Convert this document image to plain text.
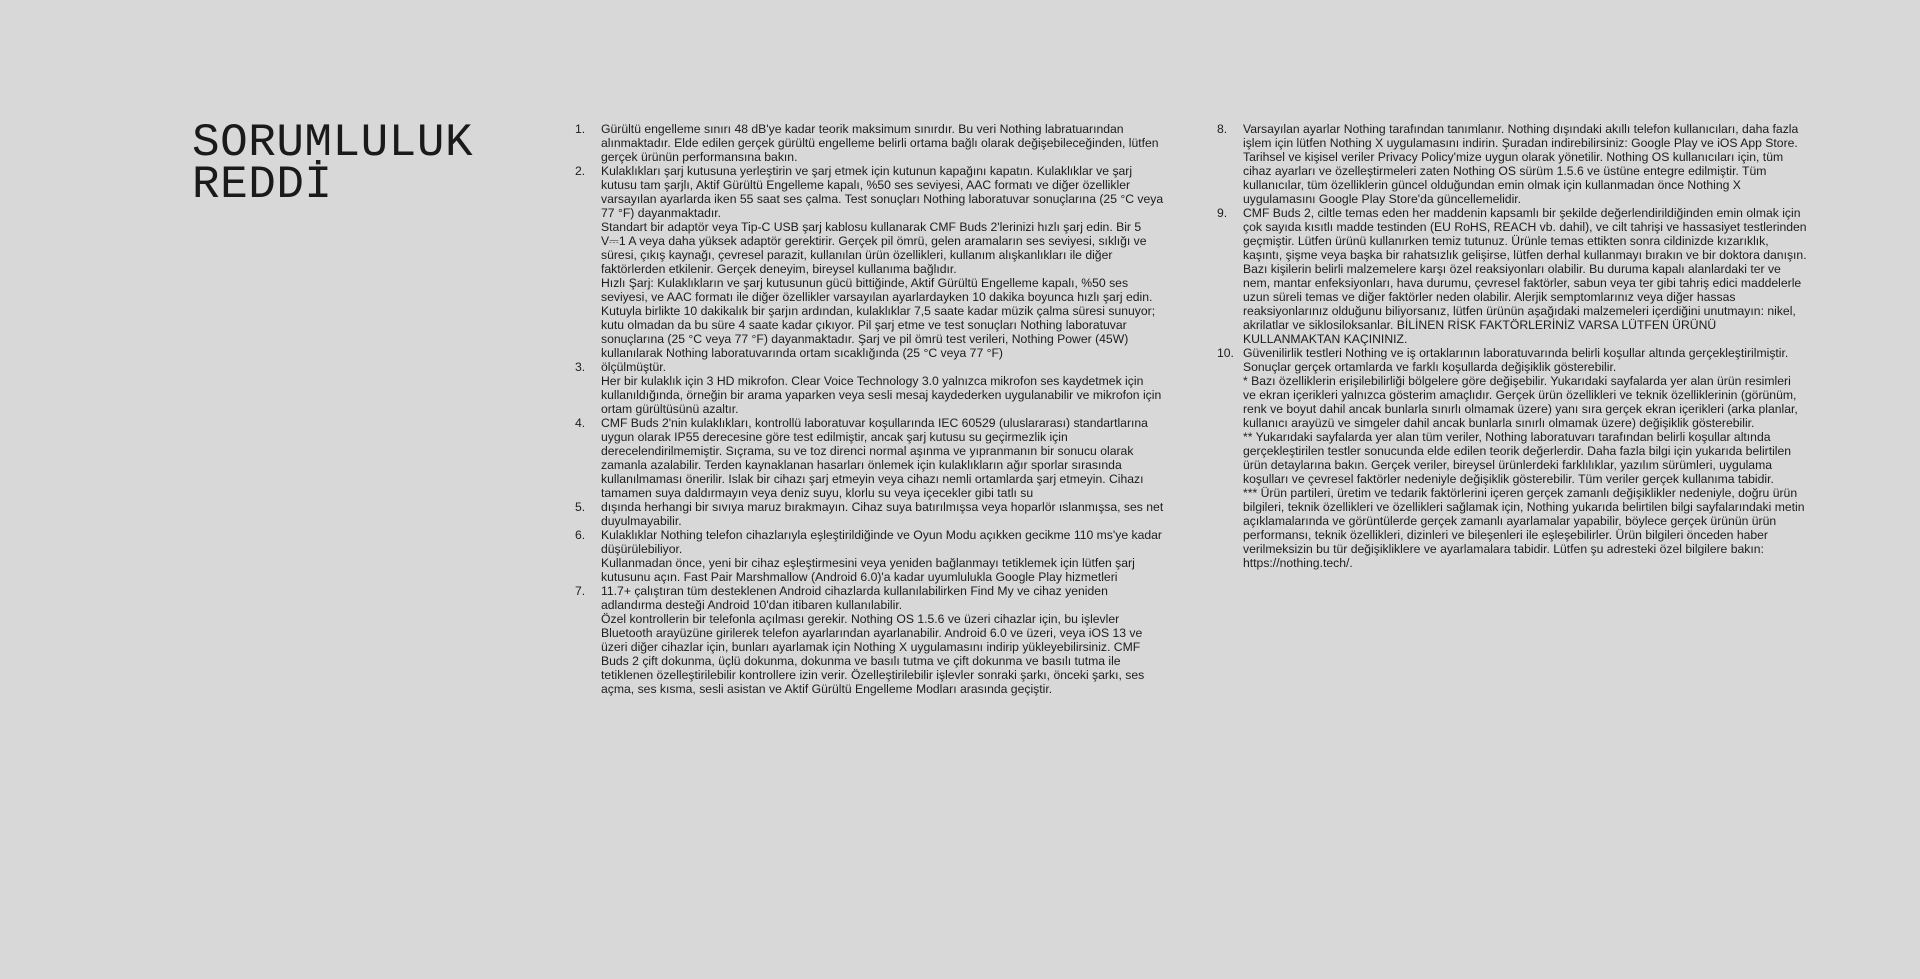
SORUMLULUK
REDDİ
1. Gürültü engelleme sınırı 48 dB'ye kadar teorik maksimum sınırdır. Bu veri Nothing labratuarından alınmaktadır. Elde edilen gerçek gürültü engelleme belirli ortama bağlı olarak değişebileceğinden, lütfen gerçek ürünün performansına bakın.

2. Kulaklıkları şarj kutusuna yerleştirin ve şarj etmek için kutunun kapağını kapatın. Kulaklıklar ve şarj kutusu tam şarjlı, Aktif Gürültü Engelleme kapalı, %50 ses seviyesi, AAC formatı ve diğer özellikler varsayılan ayarlarda iken 55 saat ses çalma. Test sonuçları Nothing laboratuvar sonuçlarına (25 °C veya 77 °F) dayanmaktadır.

Standart bir adaptör veya Tip-C USB şarj kablosu kullanarak CMF Buds 2'lerinizi hızlı şarj edin. Bir 5 V⎓1 A veya daha yüksek adaptör gerektirir. Gerçek pil ömrü, gelen aramaların ses seviyesi, sıklığı ve süresi, çıkış kaynağı, çevresel parazit, kullanılan ürün özellikleri, kullanım alışkanlıkları ile diğer faktörlerden etkilenir. Gerçek deneyim, bireysel kullanıma bağlıdır.

Hızlı Şarj: Kulaklıkların ve şarj kutusunun gücü bittiğinde, Aktif Gürültü Engelleme kapalı, %50 ses seviyesi, ve AAC formatı ile diğer özellikler varsayılan ayarlardayken 10 dakika boyunca hızlı şarj edin. Kutuyla birlikte 10 dakikalık bir şarjın ardından, kulaklıklar 7,5 saate kadar müzik çalma süresi sunuyor; kutu olmadan da bu süre 4 saate kadar çıkıyor. Pil şarj etme ve test sonuçları Nothing laboratuvar sonuçlarına (25 °C veya 77 °F) dayanmaktadır. Şarj ve pil ömrü test verileri, Nothing Power (45W) kullanılarak Nothing laboratuvarında ortam sıcaklığında (25 °C veya 77 °F)

3. ölçülmüştür.

Her bir kulaklık için 3 HD mikrofon. Clear Voice Technology 3.0 yalnızca mikrofon ses kaydetmek için kullanıldığında, örneğin bir arama yaparken veya sesli mesaj kaydederken uygulanabilir ve mikrofon için ortam gürültüsünü azaltır.

4. CMF Buds 2'nin kulaklıkları, kontrollü laboratuvar koşullarında IEC 60529 (uluslararası) standartlarına uygun olarak IP55 derecesine göre test edilmiştir, ancak şarj kutusu su geçirmezlik için derecelendirilmemiştir. Sıçrama, su ve toz direnci normal aşınma ve yıpranmanın bir sonucu olarak zamanla azalabilir. Terden kaynaklanan hasarları önlemek için kulaklıkların ağır sporlar sırasında kullanılmaması önerilir. Islak bir cihazı şarj etmeyin veya cihazı nemli ortamlarda şarj etmeyin. Cihazı tamamen suya daldırmayın veya deniz suyu, klorlu su veya içecekler gibi tatlı su

5. dışında herhangi bir sıvıya maruz bırakmayın. Cihaz suya batırılmışsa veya hoparlör ıslanmışsa, ses net duyulmayabilir.

6. Kulaklıklar Nothing telefon cihazlarıyla eşleştirildiğinde ve Oyun Modu açıkken gecikme 110 ms'ye kadar düşürülebiliyor.

Kullanmadan önce, yeni bir cihaz eşleştirmesini veya yeniden bağlanmayı tetiklemek için lütfen şarj kutusunu açın. Fast Pair Marshmallow (Android 6.0)'a kadar uyumlulukla Google Play hizmetleri

7. 11.7+ çalıştıran tüm desteklenen Android cihazlarda kullanılabilirken Find My ve cihaz yeniden adlandırma desteği Android 10'dan itibaren kullanılabilir.

Özel kontrollerin bir telefonla açılması gerekir. Nothing OS 1.5.6 ve üzeri cihazlar için, bu işlevler Bluetooth arayüzüne girilerek telefon ayarlarından ayarlanabilir. Android 6.0 ve üzeri, veya iOS 13 ve üzeri diğer cihazlar için, bunları ayarlamak için Nothing X uygulamasını indirip yükleyebilirsiniz. CMF Buds 2 çift dokunma, üçlü dokunma, dokunma ve basılı tutma ve çift dokunma ve basılı tutma ile tetiklenen özelleştirilebilir kontrollere izin verir. Özelleştirilebilir işlevler sonraki şarkı, önceki şarkı, ses açma, ses kısma, sesli asistan ve Aktif Gürültü Engelleme Modları arasında geçiştir.

8. Varsayılan ayarlar Nothing tarafından tanımlanır. Nothing dışındaki akıllı telefon kullanıcıları, daha fazla işlem için lütfen Nothing X uygulamasını indirin. Şuradan indirebilirsiniz: Google Play ve iOS App Store. Tarihsel ve kişisel veriler Privacy Policy'mize uygun olarak yönetilir. Nothing OS kullanıcıları için, tüm cihaz ayarları ve özelleştirmeleri zaten Nothing OS sürüm 1.5.6 ve üstüne entegre edilmiştir. Tüm kullanıcılar, tüm özelliklerin güncel olduğundan emin olmak için kullanmadan önce Nothing X uygulamasını Google Play Store'da güncellemelidir.

9. CMF Buds 2, ciltle temas eden her maddenin kapsamlı bir şekilde değerlendirildiğinden emin olmak için çok sayıda kısıtlı madde testinden (EU RoHS, REACH vb. dahil), ve cilt tahrişi ve hassasiyet testlerinden geçmiştir. Lütfen ürünü kullanırken temiz tutunuz. Ürünle temas ettikten sonra cildinizde kızarıklık, kaşıntı, şişme veya başka bir rahatsızlık gelişirse, lütfen derhal kullanmayı bırakın ve bir doktora danışın. Bazı kişilerin belirli malzemelere karşı özel reaksiyonları olabilir. Bu duruma kapalı alanlardaki ter ve nem, mantar enfeksiyonları, hava durumu, çevresel faktörler, sabun veya ter gibi tahriş edici maddelerle uzun süreli temas ve diğer faktörler neden olabilir. Alerjik semptomlarınız veya diğer hassas reaksiyonlarınız olduğunu biliyorsanız, lütfen ürünün aşağıdaki malzemeleri içerdiğini unutmayın: nikel, akrilatlar ve siklosiloksanlar. BİLİNEN RİSK FAKTÖRLERİNİZ VARSA LÜTFEN ÜRÜNÜ KULLANMAKTAN KAÇININIZ.

10. Güvenilirlik testleri Nothing ve iş ortaklarının laboratuvarında belirli koşullar altında gerçekleştirilmiştir. Sonuçlar gerçek ortamlarda ve farklı koşullarda değişiklik gösterebilir.

* Bazı özelliklerin erişilebilirliği bölgelere göre değişebilir. Yukarıdaki sayfalarda yer alan ürün resimleri ve ekran içerikleri yalnızca gösterim amaçlıdır. Gerçek ürün özellikleri ve teknik özelliklerinin (görünüm, renk ve boyut dahil ancak bunlarla sınırlı olmamak üzere) yanı sıra gerçek ekran içerikleri (arka planlar, kullanıcı arayüzü ve simgeler dahil ancak bunlarla sınırlı olmamak üzere) değişiklik gösterebilir.

** Yukarıdaki sayfalarda yer alan tüm veriler, Nothing laboratuvarı tarafından belirli koşullar altında gerçekleştirilen testler sonucunda elde edilen teorik değerlerdir. Daha fazla bilgi için yukarıda belirtilen ürün detaylarına bakın. Gerçek veriler, bireysel ürünlerdeki farklılıklar, yazılım sürümleri, uygulama koşulları ve çevresel faktörler nedeniyle değişiklik gösterebilir. Tüm veriler gerçek kullanıma tabidir.

*** Ürün partileri, üretim ve tedarik faktörlerini içeren gerçek zamanlı değişiklikler nedeniyle, doğru ürün bilgileri, teknik özellikleri ve özellikleri sağlamak için, Nothing yukarıda belirtilen bilgi sayfalarındaki metin açıklamalarında ve görüntülerde gerçek zamanlı ayarlamalar yapabilir, böylece gerçek ürünün ürün performansı, teknik özellikleri, dizinleri ve bileşenleri ile eşleşebilirler. Ürün bilgileri önceden haber verilmeksizin bu tür değişikliklere ve ayarlamalara tabidir. Lütfen şu adresteki özel bilgilere bakın: https://nothing.tech/.
